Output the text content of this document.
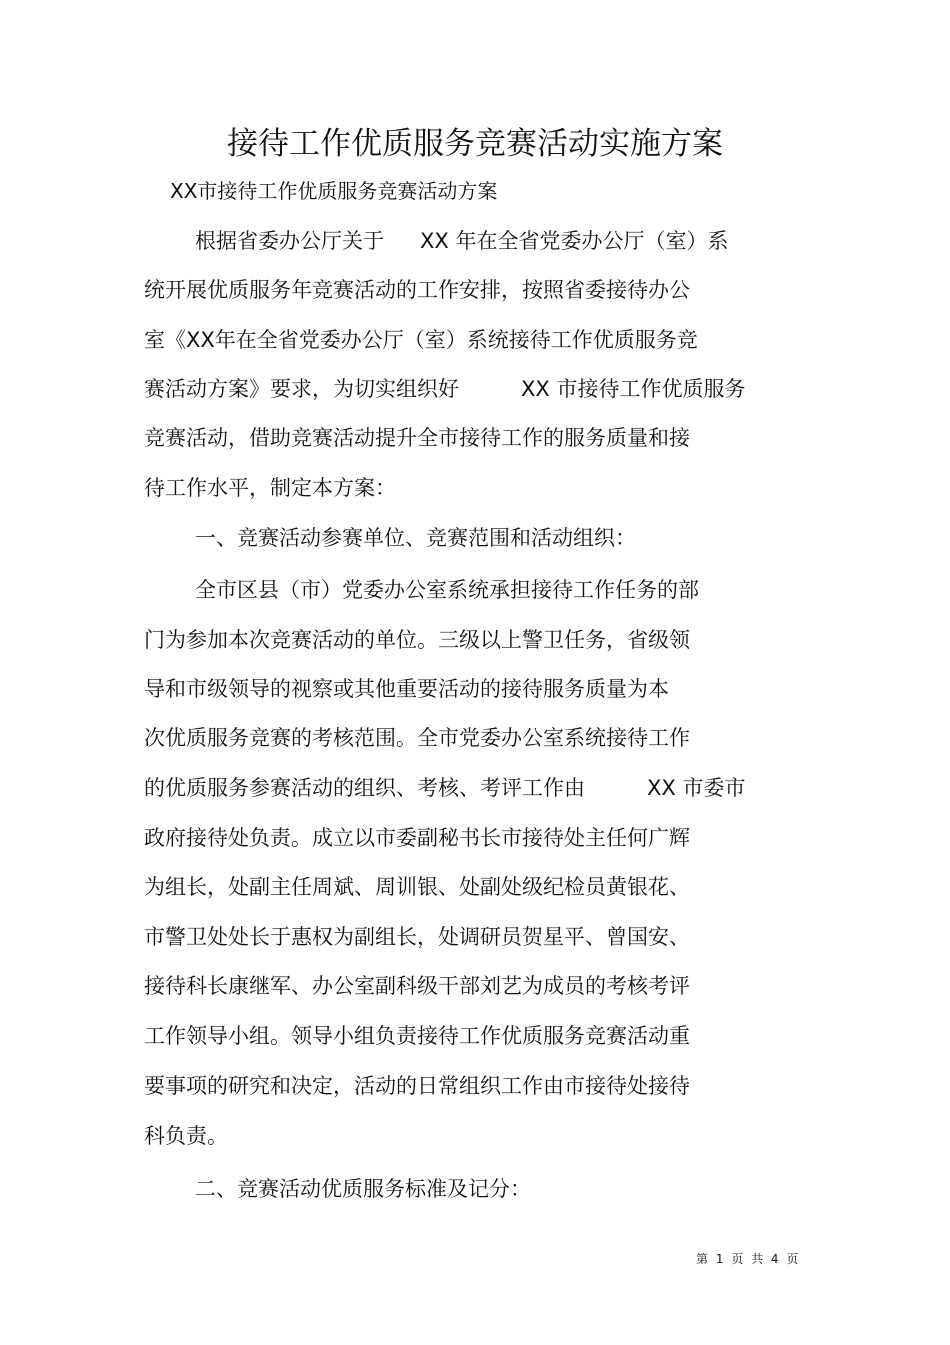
接待工作优质服务竞赛活动实施方案
XX市接待工作优质服务竞赛活动方案
根据省委办公厅关于 XX 年在全省党委办公厅（室）系
统开展优质服务年竞赛活动的工作安排，按照省委接待办公
室《XX年在全省党委办公厅（室）系统接待工作优质服务竞
赛活动方案》要求，为切实组织好	XX 市接待工作优质服务
竞赛活动，借助竞赛活动提升全市接待工作的服务质量和接
待工作水平，制定本方案：
一、竞赛活动参赛单位、竞赛范围和活动组织：
全市区县（市）党委办公室系统承担接待工作任务的部
门为参加本次竞赛活动的单位。三级以上警卫任务，省级领
导和市级领导的视察或其他重要活动的接待服务质量为本
次优质服务竞赛的考核范围。全市党委办公室系统接待工作
的优质服务参赛活动的组织、考核、考评工作由	XX 市委市
政府接待处负责。成立以市委副秘书长市接待处主任何广辉
为组长，处副主任周斌、周训银、处副处级纪检员黄银花、
市警卫处处长于惠权为副组长，处调研员贺星平、曾国安、
接待科长康继军、办公室副科级干部刘艺为成员的考核考评
工作领导小组。领导小组负责接待工作优质服务竞赛活动重
要事项的研究和决定，活动的日常组织工作由市接待处接待
科负责。
二、竞赛活动优质服务标准及记分：
第 1 页 共 4 页
